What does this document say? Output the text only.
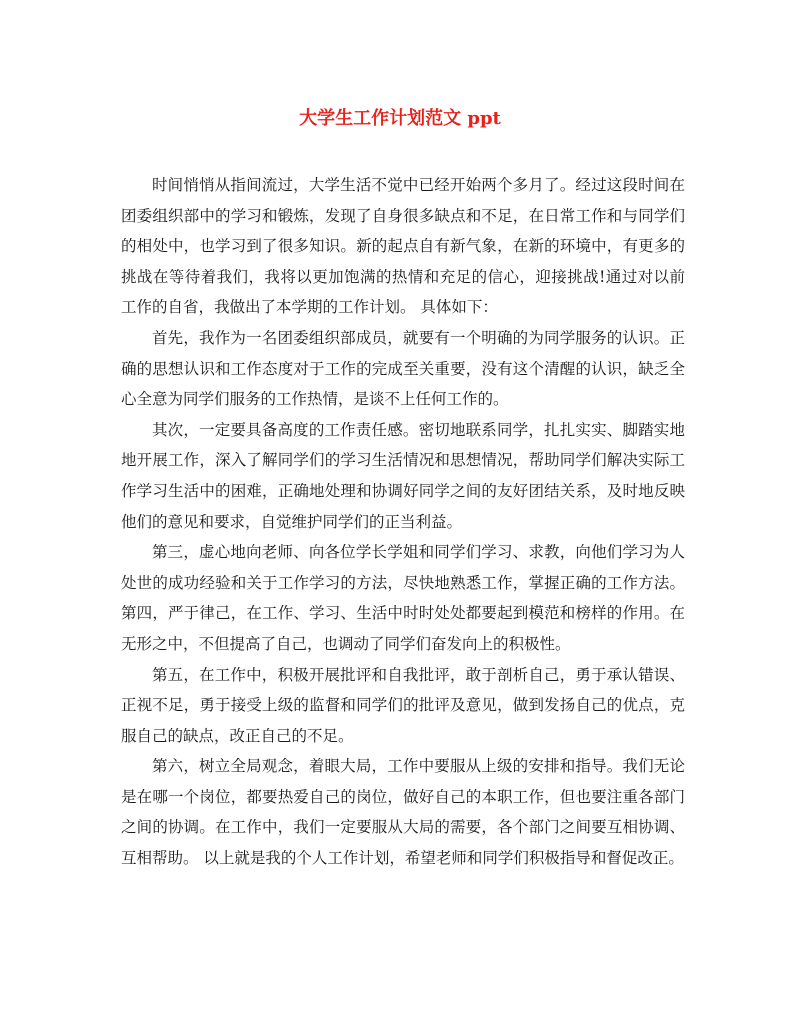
大学生工作计划范文 ppt

时间悄悄从指间流过，大学生活不觉中已经开始两个多月了。经过这段时间在团委组织部中的学习和锻炼，发现了自身很多缺点和不足，在日常工作和与同学们的相处中，也学习到了很多知识。新的起点自有新气象，在新的环境中，有更多的挑战在等待着我们，我将以更加饱满的热情和充足的信心，迎接挑战!通过对以前工作的自省，我做出了本学期的工作计划。 具体如下：

首先，我作为一名团委组织部成员，就要有一个明确的为同学服务的认识。正确的思想认识和工作态度对于工作的完成至关重要，没有这个清醒的认识，缺乏全心全意为同学们服务的工作热情，是谈不上任何工作的。

其次，一定要具备高度的工作责任感。密切地联系同学，扎扎实实、脚踏实地地开展工作，深入了解同学们的学习生活情况和思想情况，帮助同学们解决实际工作学习生活中的困难，正确地处理和协调好同学之间的友好团结关系，及时地反映他们的意见和要求，自觉维护同学们的正当利益。

第三，虚心地向老师、向各位学长学姐和同学们学习、求教，向他们学习为人处世的成功经验和关于工作学习的方法，尽快地熟悉工作，掌握正确的工作方法。 第四，严于律己，在工作、学习、生活中时时处处都要起到模范和榜样的作用。在无形之中，不但提高了自己，也调动了同学们奋发向上的积极性。

第五，在工作中，积极开展批评和自我批评，敢于剖析自己，勇于承认错误、正视不足，勇于接受上级的监督和同学们的批评及意见，做到发扬自己的优点，克服自己的缺点，改正自己的不足。

第六，树立全局观念，着眼大局，工作中要服从上级的安排和指导。我们无论是在哪一个岗位，都要热爱自己的岗位，做好自己的本职工作，但也要注重各部门之间的协调。在工作中，我们一定要服从大局的需要，各个部门之间要互相协调、互相帮助。 以上就是我的个人工作计划，希望老师和同学们积极指导和督促改正。
